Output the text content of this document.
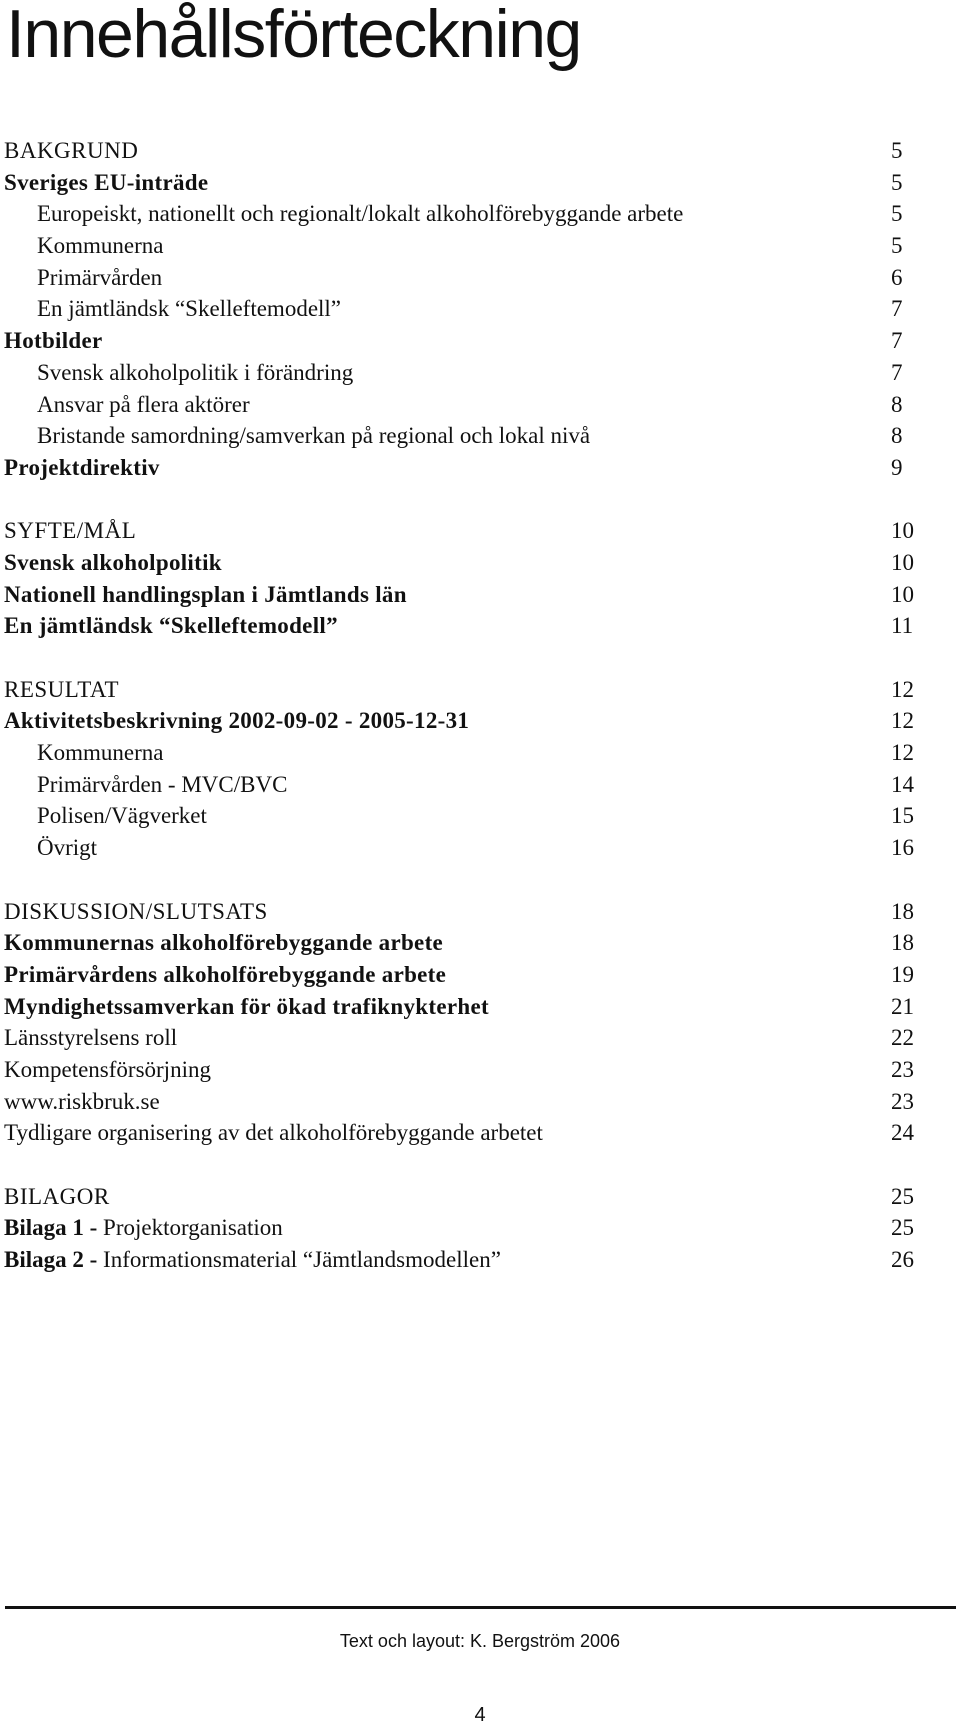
Innehållsförteckning
BAKGRUND	5
Sveriges EU-inträde	5
Europeiskt, nationellt och regionalt/lokalt alkoholförebyggande arbete	5
Kommunerna	5
Primärvården	6
En jämtländsk “Skelleftemodell”	7
Hotbilder	7
Svensk alkoholpolitik i förändring	7
Ansvar på flera aktörer	8
Bristande samordning/samverkan på regional och lokal nivå	8
Projektdirektiv	9
SYFTE/MÅL	10
Svensk alkoholpolitik	10
Nationell handlingsplan i Jämtlands län	10
En jämtländsk “Skelleftemodell”	11
RESULTAT	12
Aktivitetsbeskrivning 2002-09-02 - 2005-12-31	12
Kommunerna	12
Primärvården - MVC/BVC	14
Polisen/Vägverket	15
Övrigt	16
DISKUSSION/SLUTSATS	18
Kommunernas alkoholförebyggande arbete	18
Primärvårdens alkoholförebyggande arbete	19
Myndighetssamverkan för ökad trafiknykterhet	21
Länsstyrelsens roll	22
Kompetensförsörjning	23
www.riskbruk.se	23
Tydligare organisering av det alkoholförebyggande arbetet	24
BILAGOR	25
Bilaga 1 - Projektorganisation	25
Bilaga 2 - Informationsmaterial “Jämtlandsmodellen”	26
Text och layout: K. Bergström 2006
4
